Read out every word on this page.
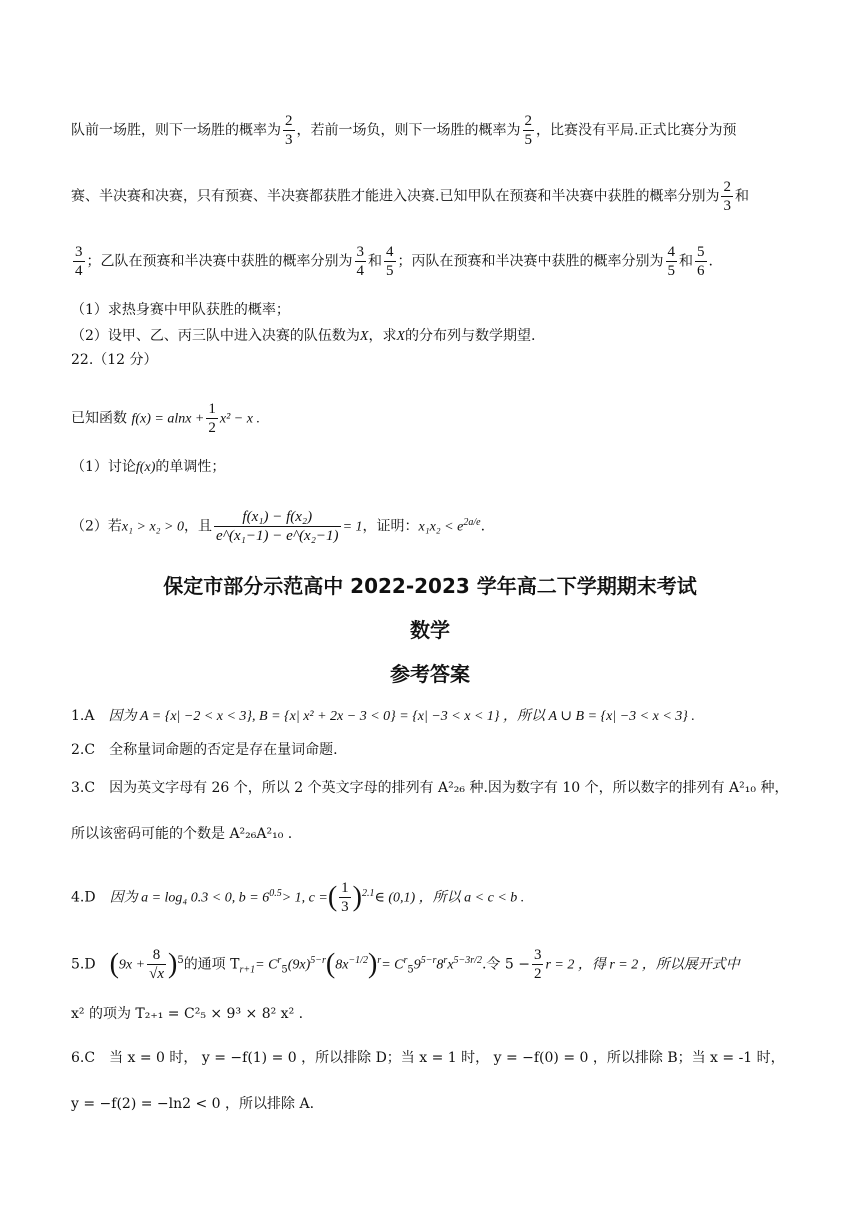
队前一场胜，则下一场胜的概率为 $\frac{2}{3}$ ，若前一场负，则下一场胜的概率为 $\frac{2}{5}$ ，比赛没有平局.正式比赛分为预
赛、半决赛和决赛，只有预赛、半决赛都获胜才能进入决赛.已知甲队在预赛和半决赛中获胜的概率分别为 $\frac{2}{3}$ 和
$\frac{3}{4}$ ；乙队在预赛和半决赛中获胜的概率分别为 $\frac{3}{4}$ 和 $\frac{4}{5}$ ；丙队在预赛和半决赛中获胜的概率分别为 $\frac{4}{5}$ 和 $\frac{5}{6}$ .
（1）求热身赛中甲队获胜的概率；
（2）设甲、乙、丙三队中进入决赛的队伍数为X，求X的分布列与数学期望.
22.（12 分）
已知函数 $f(x) = alnx + \frac{1}{2} x^2 - x$ .
（1）讨论f(x)的单调性；
（2）若x₁ > x₂ > 0，且 $\frac{\text{f(x₁) − f(x₂)}}{\text{e\textasciicircum{}(x₁−1) − e\textasciicircum{}(x₂−1)}} = 1$，证明：$x_1x_2 < e^{2a/e}$.
保定市部分示范高中 2022-2023 学年高二下学期期末考试
数学
参考答案
1.A 因为 A = {x| −2 < x < 3}, B = {x| x² + 2x − 3 < 0} = {x| −3 < x < 1} ，所以 A ∪ B = {x| −3 < x < 3} .
2.C 全称量词命题的否定是存在量词命题.
3.C 因为英文字母有 26 个，所以 2 个英文字母的排列有 A²₂₆ 种.因为数字有 10 个，所以数字的排列有 A²₁₀ 种，
所以该密码可能的个数是 A²₂₆A²₁₀ .
4.D 因为 a = log₄ 0.3 < 0, $b = 6^{0.5}> 1$, c =( $\frac{1}{3}$ )$^{2.1}$∈ (0,1) ，所以 a < c < b .
5.D $(9x + \frac{8}{√x} )^5$的通项 $T_{r+1}= C^r_5(9x)^{5-r}(8x^{-1/2})^r= C^r_59^{5-r}8^rx^{5-3r/2}$.令 $5 - \frac{3}{2}$ r = 2 ，得 r = 2 ，所以展开式中
x² 的项为 T₂₊₁ = C²₅ × 9³ × 8² x² .
6.C 当 x = 0 时， y = −f(1) = 0 ，所以排除 D；当 x = 1 时， y = −f(0) = 0 ，所以排除 B；当 x = -1 时，
y = −f(2) = −ln2 < 0 ，所以排除 A.
